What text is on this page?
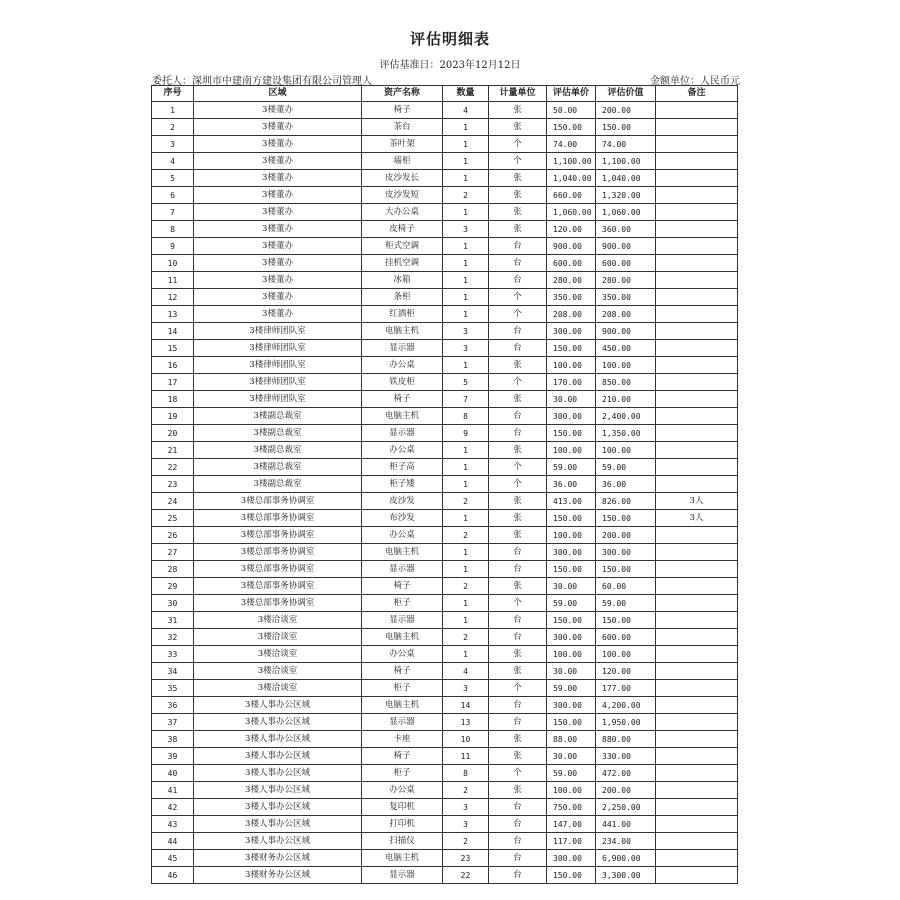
评估明细表
评估基准日：2023年12月12日
委托人：深圳市中建南方建设集团有限公司管理人	金额单位：人民币元
序号	区域	资产名称	数量	计量单位	评估单价	评估价值	备注
1	3楼董办	椅子	4	张	50.00	200.00	
2	3楼董办	茶台	1	张	150.00	150.00	
3	3楼董办	茶叶架	1	个	74.00	74.00	
4	3楼董办	墙柜	1	个	1,100.00	1,100.00	
5	3楼董办	皮沙发长	1	张	1,040.00	1,040.00	
6	3楼董办	皮沙发短	2	张	660.00	1,320.00	
7	3楼董办	大办公桌	1	张	1,060.00	1,060.00	
8	3楼董办	皮椅子	3	张	120.00	360.00	
9	3楼董办	柜式空调	1	台	900.00	900.00	
10	3楼董办	挂机空调	1	台	600.00	600.00	
11	3楼董办	冰箱	1	台	280.00	280.00	
12	3楼董办	条柜	1	个	350.00	350.00	
13	3楼董办	红酒柜	1	个	208.00	208.00	
14	3楼律师团队室	电脑主机	3	台	300.00	900.00	
15	3楼律师团队室	显示器	3	台	150.00	450.00	
16	3楼律师团队室	办公桌	1	张	100.00	100.00	
17	3楼律师团队室	铁皮柜	5	个	170.00	850.00	
18	3楼律师团队室	椅子	7	张	30.00	210.00	
19	3楼副总裁室	电脑主机	8	台	300.00	2,400.00	
20	3楼副总裁室	显示器	9	台	150.00	1,350.00	
21	3楼副总裁室	办公桌	1	张	100.00	100.00	
22	3楼副总裁室	柜子高	1	个	59.00	59.00	
23	3楼副总裁室	柜子矮	1	个	36.00	36.00	
24	3楼总部事务协调室	皮沙发	2	张	413.00	826.00	3人
25	3楼总部事务协调室	布沙发	1	张	150.00	150.00	3人
26	3楼总部事务协调室	办公桌	2	张	100.00	200.00	
27	3楼总部事务协调室	电脑主机	1	台	300.00	300.00	
28	3楼总部事务协调室	显示器	1	台	150.00	150.00	
29	3楼总部事务协调室	椅子	2	张	30.00	60.00	
30	3楼总部事务协调室	柜子	1	个	59.00	59.00	
31	3楼洽谈室	显示器	1	台	150.00	150.00	
32	3楼洽谈室	电脑主机	2	台	300.00	600.00	
33	3楼洽谈室	办公桌	1	张	100.00	100.00	
34	3楼洽谈室	椅子	4	张	30.00	120.00	
35	3楼洽谈室	柜子	3	个	59.00	177.00	
36	3楼人事办公区域	电脑主机	14	台	300.00	4,200.00	
37	3楼人事办公区域	显示器	13	台	150.00	1,950.00	
38	3楼人事办公区域	卡座	10	张	88.00	880.00	
39	3楼人事办公区域	椅子	11	张	30.00	330.00	
40	3楼人事办公区域	柜子	8	个	59.00	472.00	
41	3楼人事办公区域	办公桌	2	张	100.00	200.00	
42	3楼人事办公区域	复印机	3	台	750.00	2,250.00	
43	3楼人事办公区域	打印机	3	台	147.00	441.00	
44	3楼人事办公区域	扫描仪	2	台	117.00	234.00	
45	3楼财务办公区域	电脑主机	23	台	300.00	6,900.00	
46	3楼财务办公区域	显示器	22	台	150.00	3,300.00	
